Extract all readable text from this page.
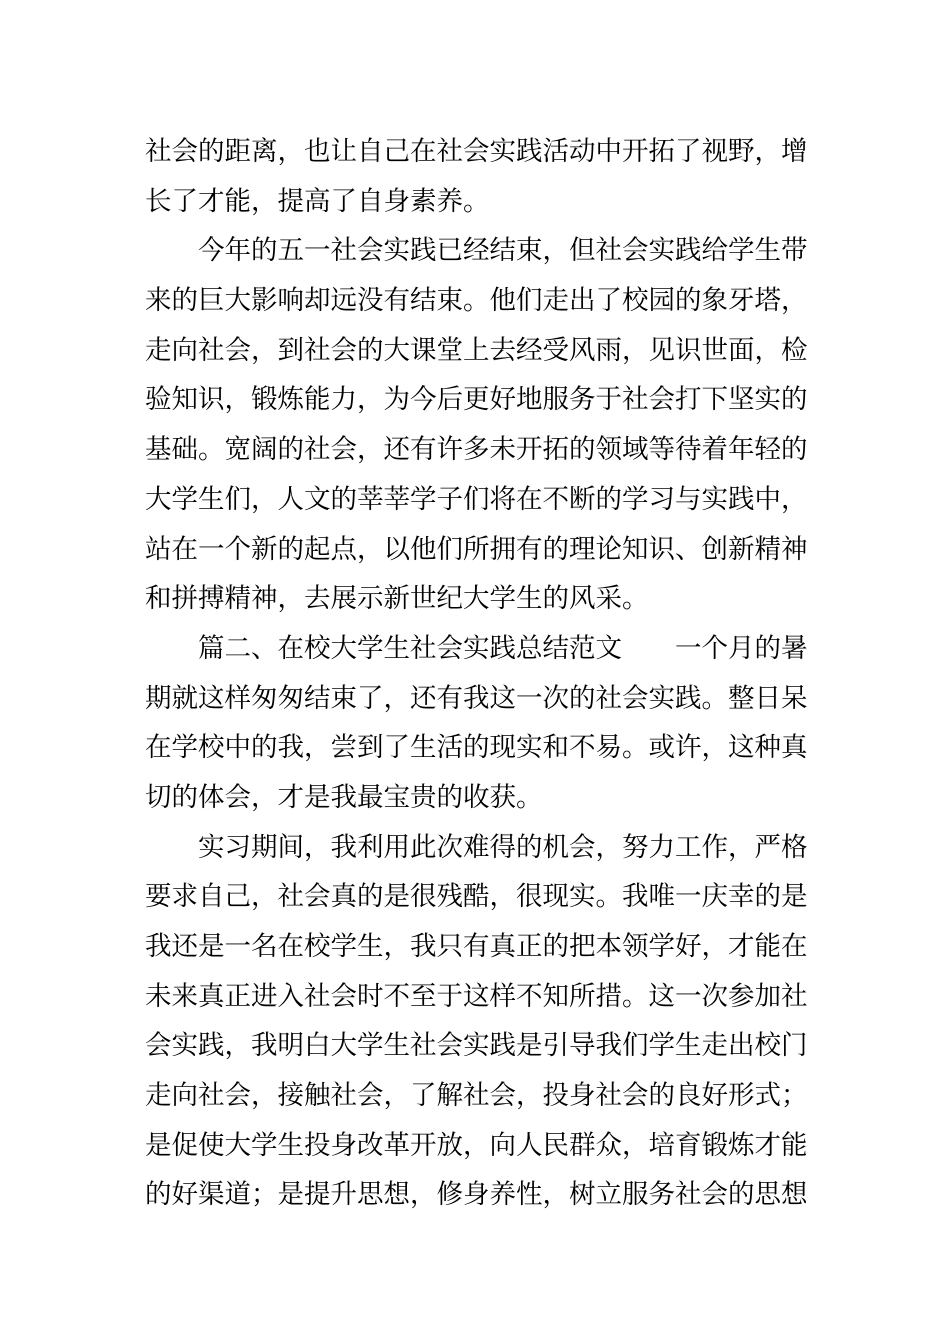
社会的距离，也让自己在社会实践活动中开拓了视野，增
长了才能，提高了自身素养。
　　今年的五一社会实践已经结束，但社会实践给学生带
来的巨大影响却远没有结束。他们走出了校园的象牙塔，
走向社会，到社会的大课堂上去经受风雨，见识世面，检
验知识，锻炼能力，为今后更好地服务于社会打下坚实的
基础。宽阔的社会，还有许多未开拓的领域等待着年轻的
大学生们，人文的莘莘学子们将在不断的学习与实践中，
站在一个新的起点，以他们所拥有的理论知识、创新精神
和拼搏精神，去展示新世纪大学生的风采。
　　篇二、在校大学生社会实践总结范文　　一个月的暑
期就这样匆匆结束了，还有我这一次的社会实践。整日呆
在学校中的我，尝到了生活的现实和不易。或许，这种真
切的体会，才是我最宝贵的收获。
　　实习期间，我利用此次难得的机会，努力工作，严格
要求自己，社会真的是很残酷，很现实。我唯一庆幸的是
我还是一名在校学生，我只有真正的把本领学好，才能在
未来真正进入社会时不至于这样不知所措。这一次参加社
会实践，我明白大学生社会实践是引导我们学生走出校门
走向社会，接触社会，了解社会，投身社会的良好形式；
是促使大学生投身改革开放，向人民群众，培育锻炼才能
的好渠道；是提升思想，修身养性，树立服务社会的思想
